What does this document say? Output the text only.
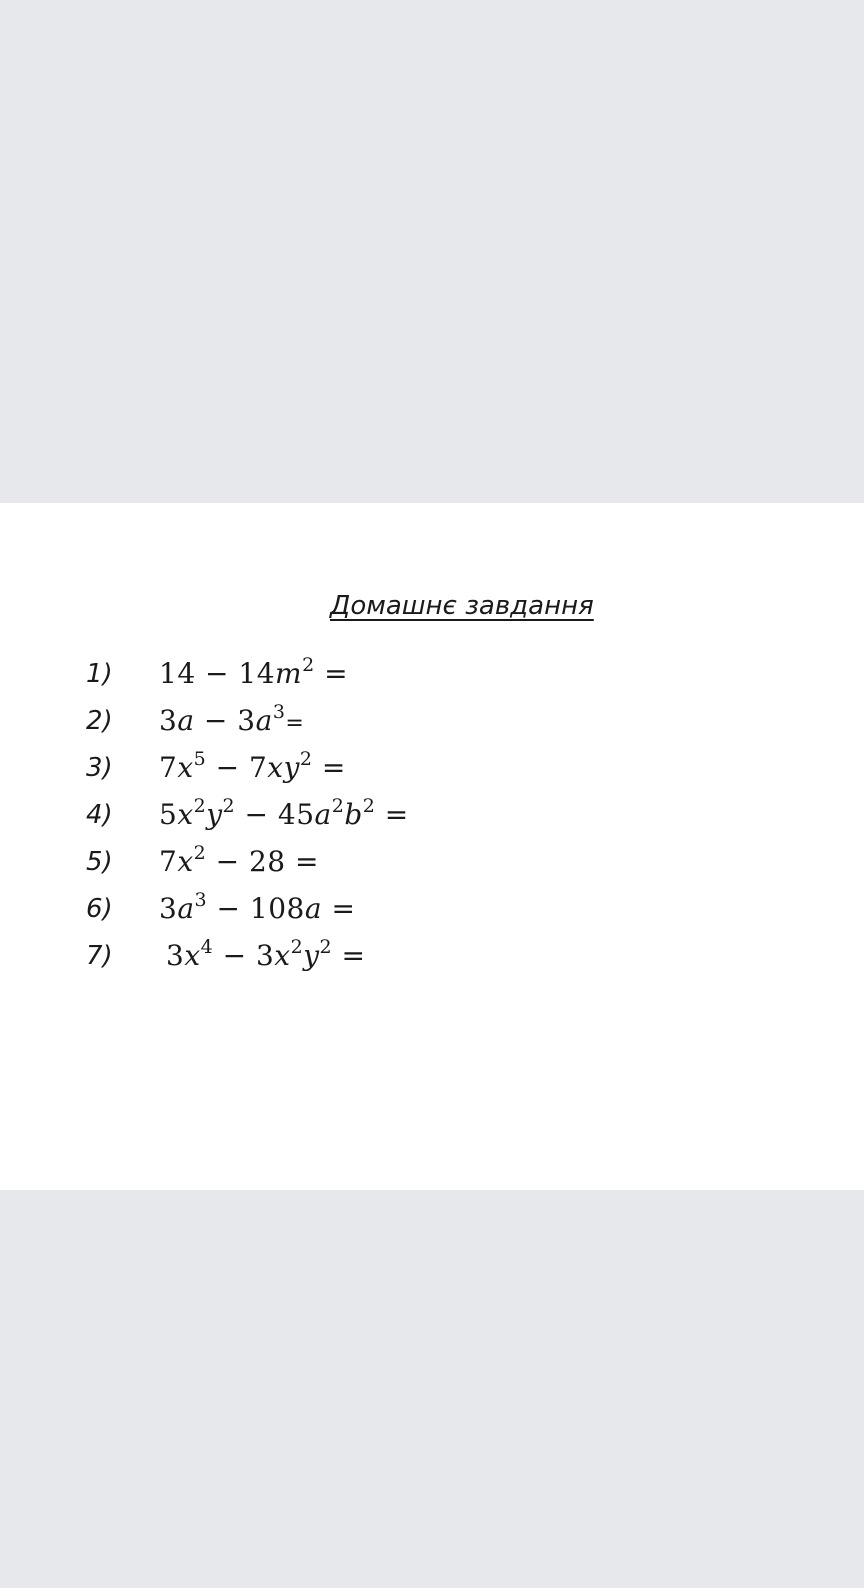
Домашнє завдання
1) $14 - 14m^2$ =
2) $3a - 3a^3=$
3) $7x^5 - 7xy^2$ =
4) $5x^2y^2 - 45a^2b^2$ =
5) $7x^2 - 28$ =
6) $3a^3 - 108a$ =
7) $3x^4 - 3x^2y^2$ =
